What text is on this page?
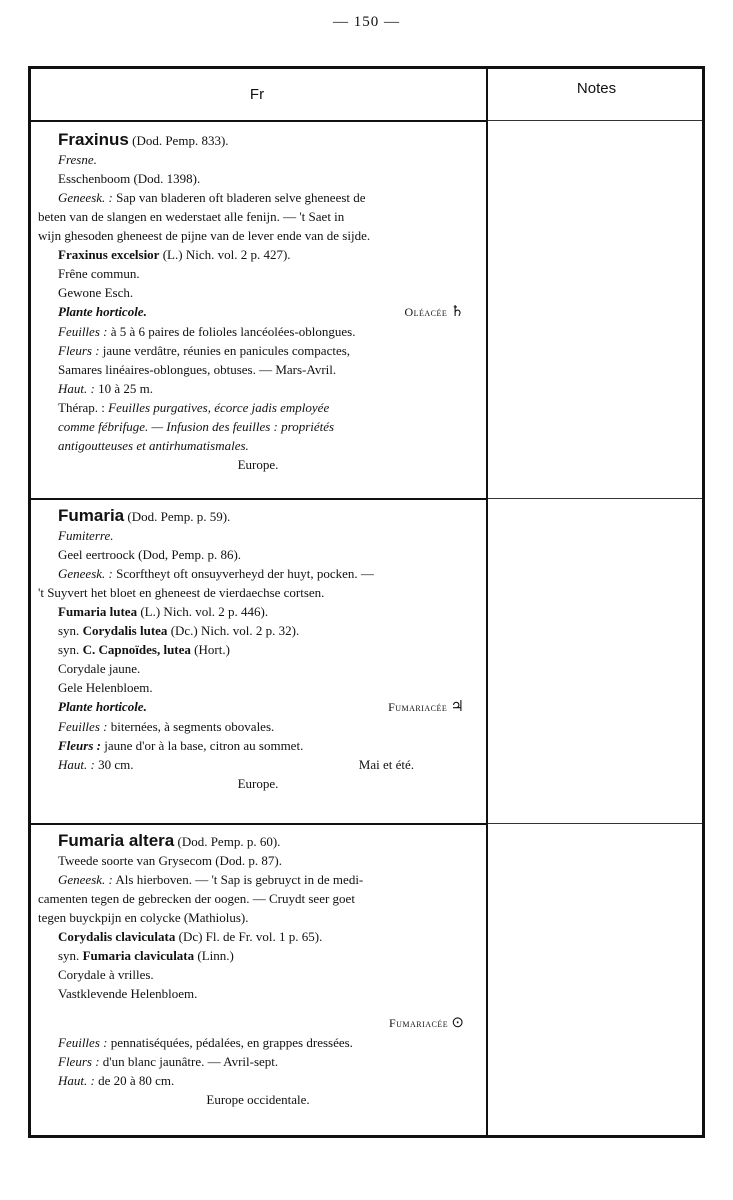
— 150 —
Fr	Notes
Fraxinus (Dod. Pemp. 833).
Fresne.
Esschenboom (Dod. 1398).
Geneesk. : Sap van bladeren oft bladeren selve gheneest de
beten van de slangen en wederstaet alle fenijn. — 't Saet in
wijn ghesoden gheneest de pijne van de lever ende van de sijde.
Fraxinus excelsior (L.) Nich. vol. 2 p. 427).
Frêne commun.
Gewone Esch.
Plante horticole.	Oléacée ♄
Feuilles : à 5 à 6 paires de folioles lancéolées-oblongues.
Fleurs : jaune verdâtre, réunies en panicules compactes,
Samares linéaires-oblongues, obtuses. — Mars-Avril.
Haut. : 10 à 25 m.
Thérap. : Feuilles purgatives, écorce jadis employée
comme fébrifuge. — Infusion des feuilles : propriétés
antigoutteuses et antirhumatismales.
Europe.
Fumaria (Dod. Pemp. p. 59).
Fumiterre.
Geel eertroock (Dod, Pemp. p. 86).
Geneesk. : Scorftheyt oft onsuyverheyd der huyt, pocken. —
't Suyvert het bloet en gheneest de vierdaechse cortsen.
Fumaria lutea (L.) Nich. vol. 2 p. 446).
syn. Corydalis lutea (Dc.) Nich. vol. 2 p. 32).
syn. C. Capnoïdes, lutea (Hort.)
Corydale jaune.
Gele Helenbloem.
Plante horticole.	Fumariacée ♃
Feuilles : biternées, à segments obovales.
Fleurs : jaune d'or à la base, citron au sommet.
Haut. : 30 cm.	Mai et été.
Europe.
Fumaria altera (Dod. Pemp. p. 60).
Tweede soorte van Grysecom (Dod. p. 87).
Geneesk. : Als hierboven. — 't Sap is gebruyct in de medi-
camenten tegen de gebrecken der oogen. — Cruydt seer goet
tegen buyckpijn en colycke (Mathiolus).
Corydalis claviculata (Dc) Fl. de Fr. vol. 1 p. 65).
syn. Fumaria claviculata (Linn.)
Corydale à vrilles.
Vastklevende Helenbloem.
Fumariacée ⊙
Feuilles : pennatiséquées, pédalées, en grappes dressées.
Fleurs : d'un blanc jaunâtre. — Avril-sept.
Haut. : de 20 à 80 cm.
Europe occidentale.
